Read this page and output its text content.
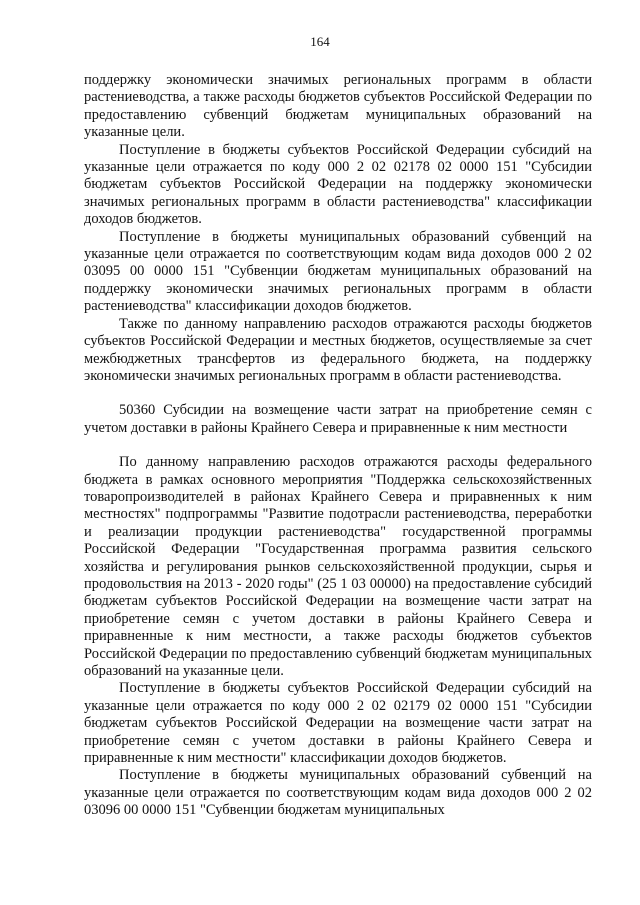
164

поддержку экономически значимых региональных программ в области растениеводства, а также расходы бюджетов субъектов Российской Федерации по предоставлению субвенций бюджетам муниципальных образований на указанные цели.

Поступление в бюджеты субъектов Российской Федерации субсидий на указанные цели отражается по коду 000 2 02 02178 02 0000 151 "Субсидии бюджетам субъектов Российской Федерации на поддержку экономически значимых региональных программ в области растениеводства" классификации доходов бюджетов.

Поступление в бюджеты муниципальных образований субвенций на указанные цели отражается по соответствующим кодам вида доходов 000 2 02 03095 00 0000 151 "Субвенции бюджетам муниципальных образований на поддержку экономически значимых региональных программ в области растениеводства" классификации доходов бюджетов.

Также по данному направлению расходов отражаются расходы бюджетов субъектов Российской Федерации и местных бюджетов, осуществляемые за счет межбюджетных трансфертов из федерального бюджета, на поддержку экономически значимых региональных программ в области растениеводства.

50360 Субсидии на возмещение части затрат на приобретение семян с учетом доставки в районы Крайнего Севера и приравненные к ним местности

По данному направлению расходов отражаются расходы федерального бюджета в рамках основного мероприятия "Поддержка сельскохозяйственных товаропроизводителей в районах Крайнего Севера и приравненных к ним местностях" подпрограммы "Развитие подотрасли растениеводства, переработки и реализации продукции растениеводства" государственной программы Российской Федерации "Государственная программа развития сельского хозяйства и регулирования рынков сельскохозяйственной продукции, сырья и продовольствия на 2013 - 2020 годы" (25 1 03 00000) на предоставление субсидий бюджетам субъектов Российской Федерации на возмещение части затрат на приобретение семян с учетом доставки в районы Крайнего Севера и приравненные к ним местности, а также расходы бюджетов субъектов Российской Федерации по предоставлению субвенций бюджетам муниципальных образований на указанные цели.

Поступление в бюджеты субъектов Российской Федерации субсидий на указанные цели отражается по коду 000 2 02 02179 02 0000 151 "Субсидии бюджетам субъектов Российской Федерации на возмещение части затрат на приобретение семян с учетом доставки в районы Крайнего Севера и приравненные к ним местности" классификации доходов бюджетов.

Поступление в бюджеты муниципальных образований субвенций на указанные цели отражается по соответствующим кодам вида доходов 000 2 02 03096 00 0000 151 "Субвенции бюджетам муниципальных
